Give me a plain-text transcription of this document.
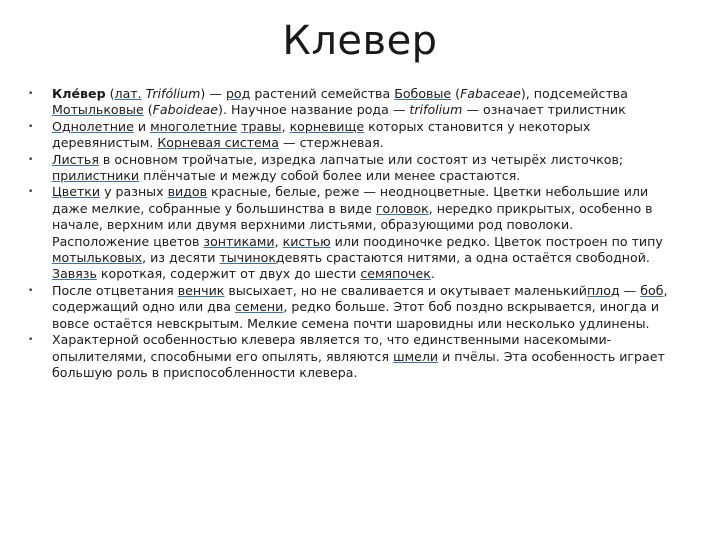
Клевер
•	Кле́вер (лат. Trifólium) — род растений семейства Бобовые (Fabaceae), подсемейства Мотыльковые (Faboideae). Научное название рода — trifolium — означает трилистник
•	Однолетние и многолетние травы, корневище которых становится у некоторых деревянистым. Корневая система — стержневая.
•	Листья в основном тройчатые, изредка лапчатые или состоят из четырёх листочков; прилистники плёнчатые и между собой более или менее срастаются.
•	Цветки у разных видов красные, белые, реже — неодноцветные. Цветки небольшие или даже мелкие, собранные у большинства в виде головок, нередко прикрытых, особенно в начале, верхним или двумя верхними листьями, образующими род поволоки. Расположение цветов зонтиками, кистью или поодиночке редко. Цветок построен по типу мотыльковых, из десяти тычинокдевять срастаются нитями, а одна остаётся свободной. Завязь короткая, содержит от двух до шести семяпочек.
•	После отцветания венчик высыхает, но не сваливается и окутывает маленькийплод — боб, содержащий одно или два семени, редко больше. Этот боб поздно вскрывается, иногда и вовсе остаётся невскрытым. Мелкие семена почти шаровидны или несколько удлинены.
•	Характерной особенностью клевера является то, что единственными насекомыми-опылителями, способными его опылять, являются шмели и пчёлы. Эта особенность играет большую роль в приспособленности клевера.
